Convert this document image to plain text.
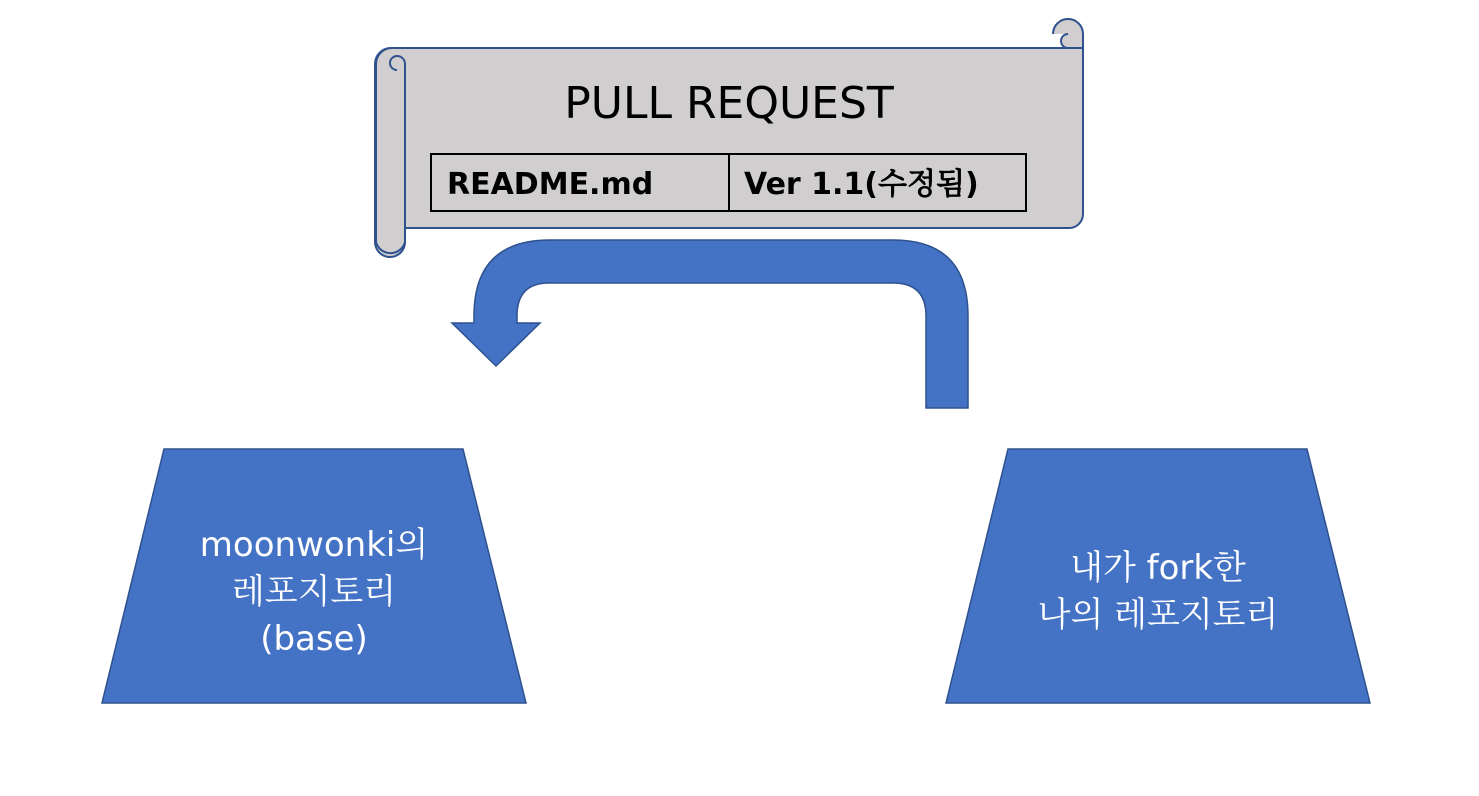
PULL REQUEST
README.md	Ver 1.1(수정됨)
moonwonki의
레포지토리
(base)
내가 fork한
나의 레포지토리
